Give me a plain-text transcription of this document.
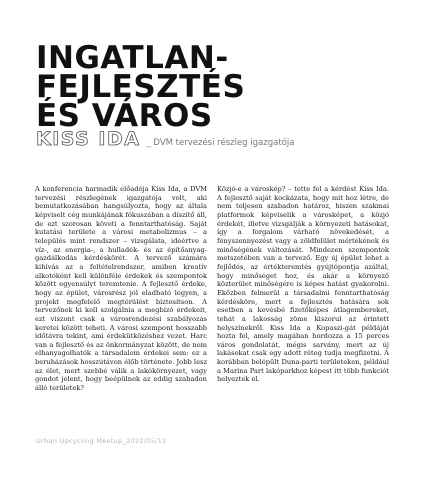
INGATLAN-
FEJLESZTÉS
ÉS VÁROS
KISS IDA _ DVM tervezési részleg igazgatója

A konferencia harmadik előadója Kiss Ida, a DVM tervezési részlegének igazgatója volt, aki bemutatkozásában hangsúlyozta, hogy az általa képviselt cég munkájának fókuszában a díszítő áll, de ezt szorosan követi a fenntarthatóság. Saját kutatási területe a városi metabolizmus – a település mint rendszer – vizsgálata, ideértve a víz-, az energia-, a hulladék- és az építőanyag-gazdálkodás kérdéskörét. A tervező számára kihívás az a feltételrendszer, amiben kreatív alkotóként kell különféle érdekek és szempontok között egyensúlyt teremtenie. A fejlesztő érdeke, hogy az épület, városrész jól eladható legyen, a projekt megfelelő megtérülést biztosítson. A tervezőnek ki kell szolgálnia a megbízó érdekeit, ezt viszont csak a városrendezési szabályozás keretei között teheti. A városi szempont hosszabb időtávra tekint, ami érdekütközéshez vezet. Harc van a fejlesztő és az önkormányzat között, de nem elhanyagolhatók a társadalom érdekei sem: ez a beruházások hosszútávon élőb története. Jobb lesz az élet, mert szebbé válik a lakókörnyezet, vagy gondot jelent, hogy beépülnek az eddig szabadon álló területek?

Közjó-e a városkép? – tette fel a kérdést Kiss Ida. A fejlesztő saját kockázata, hogy mit hoz létre, de nem teljesen szabadon határoz, hiszen szakmai platformok képviselik a városképet, a közjó érdekét, illetve vizsgálják a környezeti hatásokat, így a forgalom várható növekedését, a fényszennyezést vagy a zöldfelület mértékének és minőségének változását. Mindezen szempontok metszetében van a tervező. Egy új épület lehet a fejlődés, az értékteremtés gyújtópontja azáltal, hogy minőséget hoz, és akár a környező közterület minőségére is képes hatást gyakorolni. Ekőzben felmerül a társadalmi fenntarthatóság kérdésköre, mert a fejlesztés hatására sok esetben a kevésbé fizetőképes átlagembereket, tehát a lakosság zöme kiszorul az érintett helyszínekről. Kiss Ida a Kopaszi-gát példáját hozta fel, amely magában hordozza a 15 perces város gondolatát, mégis sarvány, mert az új lakásokat csak egy adott réteg tudja megfizetni. A korábban belépült Duna-parti területeken, például a Marina Part lakóparkhoz képest itt több funkciót helyeztek el.

Urban Upcycling Meetup_2022/05/12
